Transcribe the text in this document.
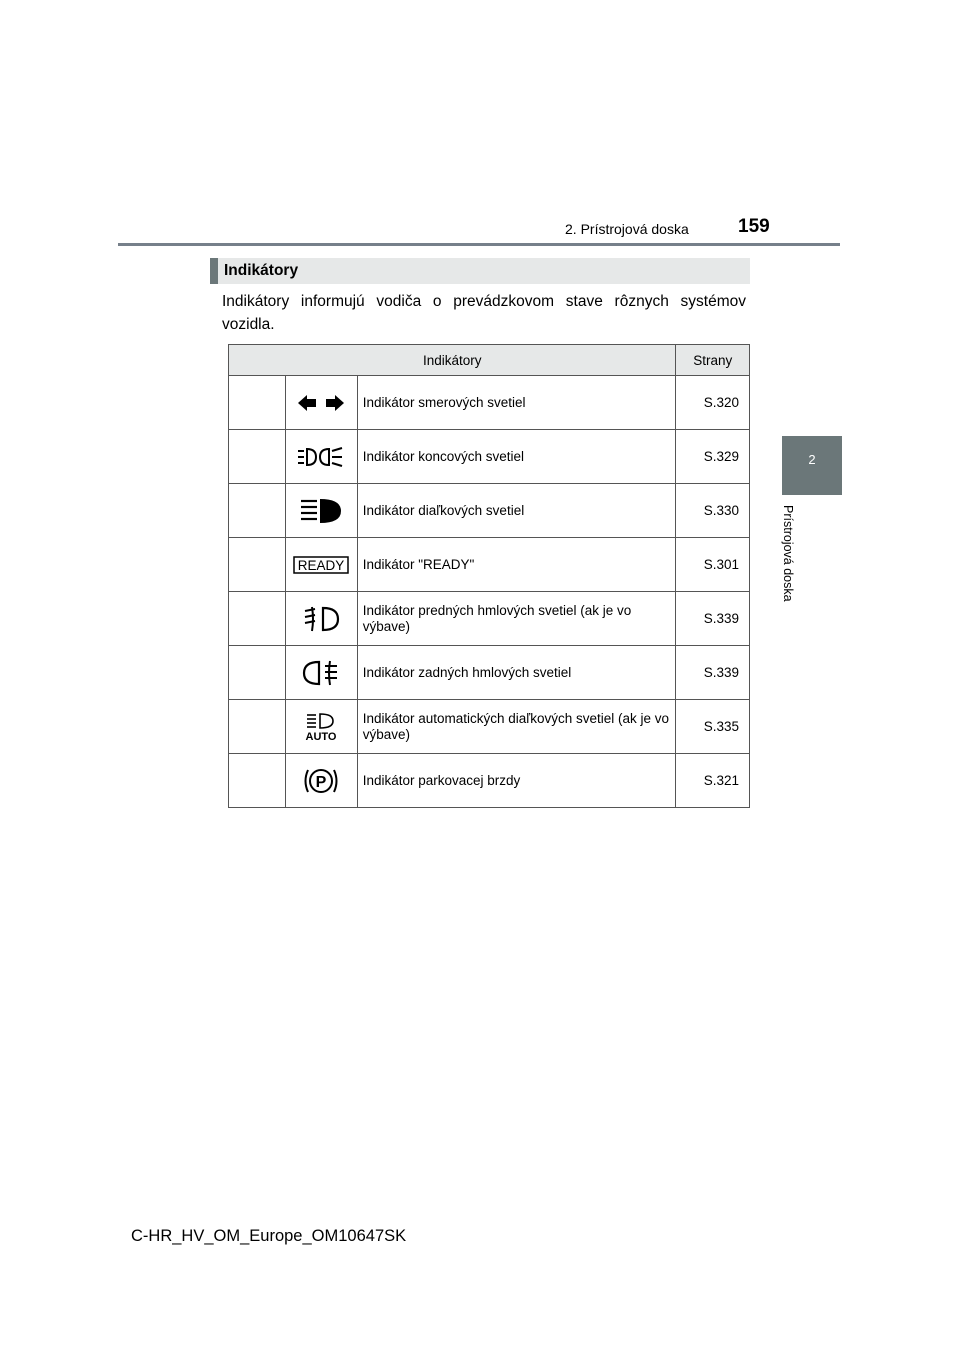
2. Prístrojová doska	159
2
Prístrojová doska
Indikátory
Indikátory informujú vodiča o prevádzkovom stave rôznych systémov vozidla.
Indikátory			Strany

	Indikátor smerových svetiel	S.320

	Indikátor koncových svetiel	S.329

	Indikátor diaľkových svetiel	S.330

READY	Indikátor "READY"	S.301

	Indikátor predných hmlových svetiel (ak je vo výbave)	S.339

	Indikátor zadných hmlových svetiel	S.339

AUTO	Indikátor automatických diaľkových svetiel (ak je vo výbave)	S.335

P	Indikátor parkovacej brzdy	S.321
C-HR_HV_OM_Europe_OM10647SK
